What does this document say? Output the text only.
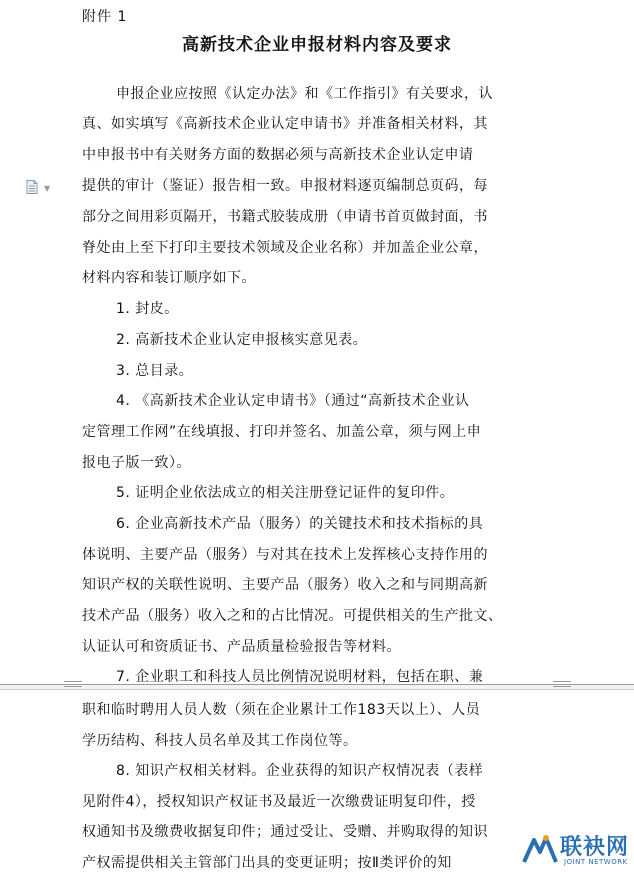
附件 1
高新技术企业申报材料内容及要求
▼
申报企业应按照《认定办法》和《工作指引》有关要求，认
真、如实填写《高新技术企业认定申请书》并准备相关材料，其
中申报书中有关财务方面的数据必须与高新技术企业认定申请
提供的审计（鉴证）报告相一致。申报材料逐页编制总页码，每
部分之间用彩页隔开，书籍式胶装成册（申请书首页做封面，书
脊处由上至下打印主要技术领域及企业名称）并加盖企业公章，
材料内容和装订顺序如下。
1. 封皮。
2. 高新技术企业认定申报核实意见表。
3. 总目录。
4. 《高新技术企业认定申请书》（通过“高新技术企业认
定管理工作网”在线填报、打印并签名、加盖公章，须与网上申
报电子版一致）。
5. 证明企业依法成立的相关注册登记证件的复印件。
6. 企业高新技术产品（服务）的关键技术和技术指标的具
体说明、主要产品（服务）与对其在技术上发挥核心支持作用的
知识产权的关联性说明、主要产品（服务）收入之和与同期高新
技术产品（服务）收入之和的占比情况。可提供相关的生产批文、
认证认可和资质证书、产品质量检验报告等材料。
7. 企业职工和科技人员比例情况说明材料，包括在职、兼
职和临时聘用人员人数（须在企业累计工作183天以上）、人员
学历结构、科技人员名单及其工作岗位等。
8. 知识产权相关材料。企业获得的知识产权情况表（表样
见附件4），授权知识产权证书及最近一次缴费证明复印件，授
权通知书及缴费收据复印件；通过受让、受赠、并购取得的知识
产权需提供相关主管部门出具的变更证明；按Ⅱ类评价的知
联袂网
JOINT NETWORK
